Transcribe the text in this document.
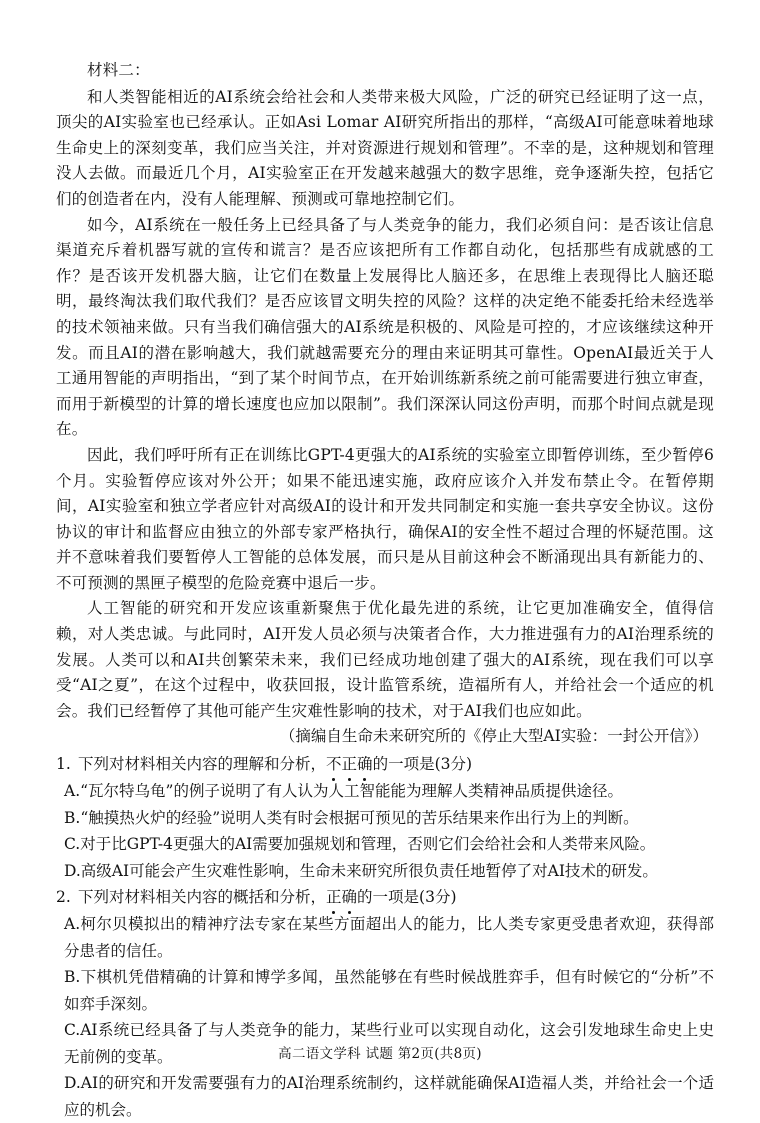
材料二：

和人类智能相近的AI系统会给社会和人类带来极大风险，广泛的研究已经证明了这一点，顶尖的AI实验室也已经承认。正如Asi Lomar AI研究所指出的那样，“高级AI可能意味着地球生命史上的深刻变革，我们应当关注，并对资源进行规划和管理”。不幸的是，这种规划和管理没人去做。而最近几个月，AI实验室正在开发越来越强大的数字思维，竞争逐渐失控，包括它们的创造者在内，没有人能理解、预测或可靠地控制它们。

如今，AI系统在一般任务上已经具备了与人类竞争的能力，我们必须自问：是否该让信息渠道充斥着机器写就的宣传和谎言？是否应该把所有工作都自动化，包括那些有成就感的工作？是否该开发机器大脑，让它们在数量上发展得比人脑还多，在思维上表现得比人脑还聪明，最终淘汰我们取代我们？是否应该冒文明失控的风险？这样的决定绝不能委托给未经选举的技术领袖来做。只有当我们确信强大的AI系统是积极的、风险是可控的，才应该继续这种开发。而且AI的潜在影响越大，我们就越需要充分的理由来证明其可靠性。OpenAI最近关于人工通用智能的声明指出，“到了某个时间节点，在开始训练新系统之前可能需要进行独立审查，而用于新模型的计算的增长速度也应加以限制”。我们深深认同这份声明，而那个时间点就是现在。

因此，我们呼吁所有正在训练比GPT-4更强大的AI系统的实验室立即暂停训练，至少暂停6个月。实验暂停应该对外公开；如果不能迅速实施，政府应该介入并发布禁止令。在暂停期间，AI实验室和独立学者应针对高级AI的设计和开发共同制定和实施一套共享安全协议。这份协议的审计和监督应由独立的外部专家严格执行，确保AI的安全性不超过合理的怀疑范围。这并不意味着我们要暂停人工智能的总体发展，而只是从目前这种会不断涌现出具有新能力的、不可预测的黑匣子模型的危险竞赛中退后一步。

人工智能的研究和开发应该重新聚焦于优化最先进的系统，让它更加准确安全，值得信赖，对人类忠诚。与此同时，AI开发人员必须与决策者合作，大力推进强有力的AI治理系统的发展。人类可以和AI共创繁荣未来，我们已经成功地创建了强大的AI系统，现在我们可以享受“AI之夏”，在这个过程中，收获回报，设计监管系统，造福所有人，并给社会一个适应的机会。我们已经暂停了其他可能产生灾难性影响的技术，对于AI我们也应如此。

（摘编自生命未来研究所的《停止大型AI实验：一封公开信》）

1. 下列对材料相关内容的理解和分析，不正确的一项是(3分)

A.“瓦尔特乌龟”的例子说明了有人认为人工智能能为理解人类精神品质提供途径。

B.“触摸热火炉的经验”说明人类有时会根据可预见的苦乐结果来作出行为上的判断。

C.对于比GPT-4更强大的AI需要加强规划和管理，否则它们会给社会和人类带来风险。

D.高级AI可能会产生灾难性影响，生命未来研究所很负责任地暂停了对AI技术的研发。

2. 下列对材料相关内容的概括和分析，正确的一项是(3分)

A.柯尔贝模拟出的精神疗法专家在某些方面超出人的能力，比人类专家更受患者欢迎，获得部分患者的信任。

B.下棋机凭借精确的计算和博学多闻，虽然能够在有些时候战胜弈手，但有时候它的“分析”不如弈手深刻。

C.AI系统已经具备了与人类竞争的能力，某些行业可以实现自动化，这会引发地球生命史上史无前例的变革。

D.AI的研究和开发需要强有力的AI治理系统制约，这样就能确保AI造福人类，并给社会一个适应的机会。

高二语文学科 试题 第2页(共8页)
